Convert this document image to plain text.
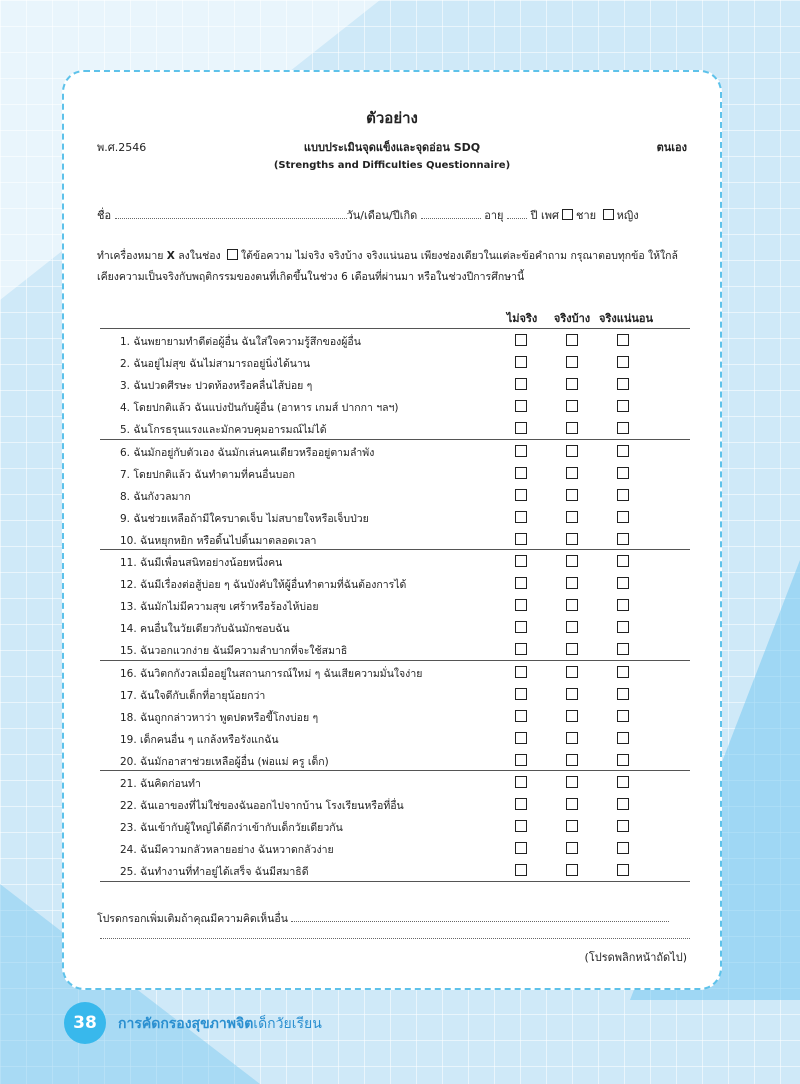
ตัวอย่าง
พ.ศ.2546	แบบประเมินจุดแข็งและจุดอ่อน SDQ	ตนเอง
(Strengths and Difficulties Questionnaire)
ชื่อ	วัน/เดือน/ปีเกิด	อายุ ปี เพศ ชาย หญิง
ทำเครื่องหมาย X ลงในช่อง ใต้ข้อความ ไม่จริง จริงบ้าง จริงแน่นอน เพียงช่องเดียวในแต่ละข้อคำถาม กรุณาตอบทุกข้อ ให้ใกล้เคียงความเป็นจริงกับพฤติกรรมของตนที่เกิดขึ้นในช่วง 6 เดือนที่ผ่านมา หรือในช่วงปีการศึกษานี้
ไม่จริง จริงบ้าง จริงแน่นอน
1. ฉันพยายามทำดีต่อผู้อื่น ฉันใส่ใจความรู้สึกของผู้อื่น
2. ฉันอยู่ไม่สุข ฉันไม่สามารถอยู่นิ่งได้นาน
3. ฉันปวดศีรษะ ปวดท้องหรือคลื่นไส้บ่อย ๆ
4. โดยปกติแล้ว ฉันแบ่งปันกับผู้อื่น (อาหาร เกมส์ ปากกา ฯลฯ)
5. ฉันโกรธรุนแรงและมักควบคุมอารมณ์ไม่ได้
6. ฉันมักอยู่กับตัวเอง ฉันมักเล่นคนเดียวหรืออยู่ตามลำพัง
7. โดยปกติแล้ว ฉันทำตามที่คนอื่นบอก
8. ฉันกังวลมาก
9. ฉันช่วยเหลือถ้ามีใครบาดเจ็บ ไม่สบายใจหรือเจ็บป่วย
10. ฉันหยุกหยิก หรือดิ้นไปดิ้นมาตลอดเวลา
11. ฉันมีเพื่อนสนิทอย่างน้อยหนึ่งคน
12. ฉันมีเรื่องต่อสู้บ่อย ๆ ฉันบังคับให้ผู้อื่นทำตามที่ฉันต้องการได้
13. ฉันมักไม่มีความสุข เศร้าหรือร้องไห้บ่อย
14. คนอื่นในวัยเดียวกับฉันมักชอบฉัน
15. ฉันวอกแวกง่าย ฉันมีความลำบากที่จะใช้สมาธิ
16. ฉันวิตกกังวลเมื่ออยู่ในสถานการณ์ใหม่ ๆ ฉันเสียความมั่นใจง่าย
17. ฉันใจดีกับเด็กที่อายุน้อยกว่า
18. ฉันถูกกล่าวหาว่า พูดปดหรือขี้โกงบ่อย ๆ
19. เด็กคนอื่น ๆ แกล้งหรือรังแกฉัน
20. ฉันมักอาสาช่วยเหลือผู้อื่น (พ่อแม่ ครู เด็ก)
21. ฉันคิดก่อนทำ
22. ฉันเอาของที่ไม่ใช่ของฉันออกไปจากบ้าน โรงเรียนหรือที่อื่น
23. ฉันเข้ากับผู้ใหญ่ได้ดีกว่าเข้ากับเด็กวัยเดียวกัน
24. ฉันมีความกลัวหลายอย่าง ฉันหวาดกลัวง่าย
25. ฉันทำงานที่ทำอยู่ได้เสร็จ ฉันมีสมาธิดี
โปรดกรอกเพิ่มเติมถ้าคุณมีความคิดเห็นอื่น
(โปรดพลิกหน้าถัดไป)
38	การคัดกรองสุขภาพจิตเด็กวัยเรียน
